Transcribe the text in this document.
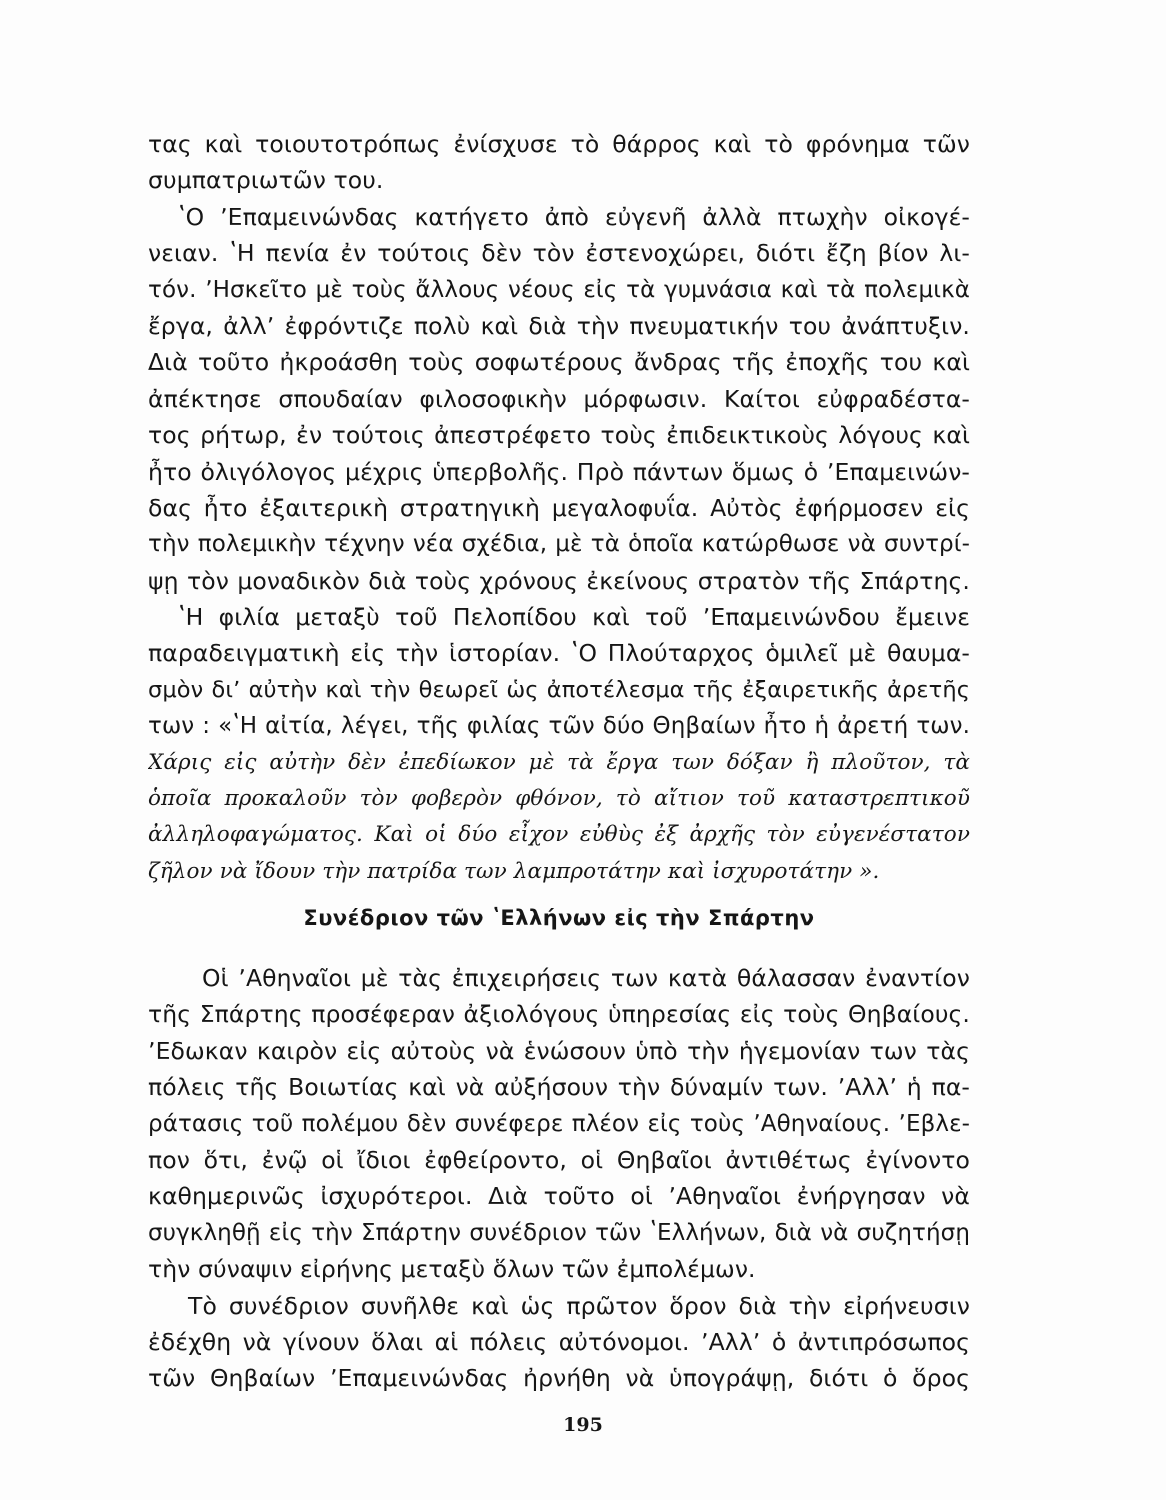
τας καὶ τοιουτοτρόπως ἐνίσχυσε τὸ θάρρος καὶ τὸ φρόνημα τῶν
συμπατριωτῶν του.
ʽΟ ʼΕπαμεινώνδας κατήγετο ἀπὸ εὐγενῆ ἀλλὰ πτωχὴν οἰκογέ-
νειαν. ʽΗ πενία ἐν τούτοις δὲν τὸν ἐστενοχώρει, διότι ἔζη βίον λι-
τόν. ʼΗσκεῖτο μὲ τοὺς ἄλλους νέους εἰς τὰ γυμνάσια καὶ τὰ πολεμικὰ
ἔργα, ἀλλʼ ἐφρόντιζε πολὺ καὶ διὰ τὴν πνευματικήν του ἀνάπτυξιν.
Διὰ τοῦτο ἠκροάσθη τοὺς σοφωτέρους ἄνδρας τῆς ἐποχῆς του καὶ
ἀπέκτησε σπουδαίαν φιλοσοφικὴν μόρφωσιν. Καίτοι εὐφραδέστα-
τος ρήτωρ, ἐν τούτοις ἀπεστρέφετο τοὺς ἐπιδεικτικοὺς λόγους καὶ
ἦτο ὀλιγόλογος μέχρις ὑπερβολῆς. Πρὸ πάντων ὅμως ὁ ʼΕπαμεινών-
δας ἦτο ἐξαιτερικὴ στρατηγικὴ μεγαλοφυΐα. Αὐτὸς ἐφήρμοσεν εἰς
τὴν πολεμικὴν τέχνην νέα σχέδια, μὲ τὰ ὁποῖα κατώρθωσε νὰ συντρί-
ψῃ τὸν μοναδικὸν διὰ τοὺς χρόνους ἐκείνους στρατὸν τῆς Σπάρτης.
ʽΗ φιλία μεταξὺ τοῦ Πελοπίδου καὶ τοῦ ʼΕπαμεινώνδου ἔμεινε
παραδειγματικὴ εἰς τὴν ἱστορίαν. ʽΟ Πλούταρχος ὁμιλεῖ μὲ θαυμα-
σμὸν διʼ αὐτὴν καὶ τὴν θεωρεῖ ὡς ἀποτέλεσμα τῆς ἐξαιρετικῆς ἀρετῆς
των : «ʽΗ αἰτία, λέγει, τῆς φιλίας τῶν δύο Θηβαίων ἦτο ἡ ἀρετή των.
Χάρις εἰς αὐτὴν δὲν ἐπεδίωκον μὲ τὰ ἔργα των δόξαν ἢ πλοῦτον, τὰ
ὁποῖα προκαλοῦν τὸν φοβερὸν φθόνον, τὸ αἴτιον τοῦ καταστρεπτικοῦ
ἀλληλοφαγώματος. Καὶ οἱ δύο εἶχον εὐθὺς ἐξ ἀρχῆς τὸν εὐγενέστατον
ζῆλον νὰ ἴδουν τὴν πατρίδα των λαμπροτάτην καὶ ἰσχυροτάτην ».
Συνέδριον τῶν ʽΕλλήνων εἰς τὴν Σπάρτην
Οἱ ʼΑθηναῖοι μὲ τὰς ἐπιχειρήσεις των κατὰ θάλασσαν ἐναντίον
τῆς Σπάρτης προσέφεραν ἀξιολόγους ὑπηρεσίας εἰς τοὺς Θηβαίους.
ʼΕδωκαν καιρὸν εἰς αὐτοὺς νὰ ἑνώσουν ὑπὸ τὴν ἡγεμονίαν των τὰς
πόλεις τῆς Βοιωτίας καὶ νὰ αὐξήσουν τὴν δύναμίν των. ʼΑλλʼ ἡ πα-
ράτασις τοῦ πολέμου δὲν συνέφερε πλέον εἰς τοὺς ʼΑθηναίους. ʼΕβλε-
πον ὅτι, ἐνῷ οἱ ἴδιοι ἐφθείροντο, οἱ Θηβαῖοι ἀντιθέτως ἐγίνοντο
καθημερινῶς ἰσχυρότεροι. Διὰ τοῦτο οἱ ʼΑθηναῖοι ἐνήργησαν νὰ
συγκληθῇ εἰς τὴν Σπάρτην συνέδριον τῶν ʽΕλλήνων, διὰ νὰ συζητήσῃ
τὴν σύναψιν εἰρήνης μεταξὺ ὅλων τῶν ἐμπολέμων.
Τὸ συνέδριον συνῆλθε καὶ ὡς πρῶτον ὅρον διὰ τὴν εἰρήνευσιν
ἐδέχθη νὰ γίνουν ὅλαι αἱ πόλεις αὐτόνομοι. ʼΑλλʼ ὁ ἀντιπρόσωπος
τῶν Θηβαίων ʼΕπαμεινώνδας ἠρνήθη νὰ ὑπογράψῃ, διότι ὁ ὅρος
195
